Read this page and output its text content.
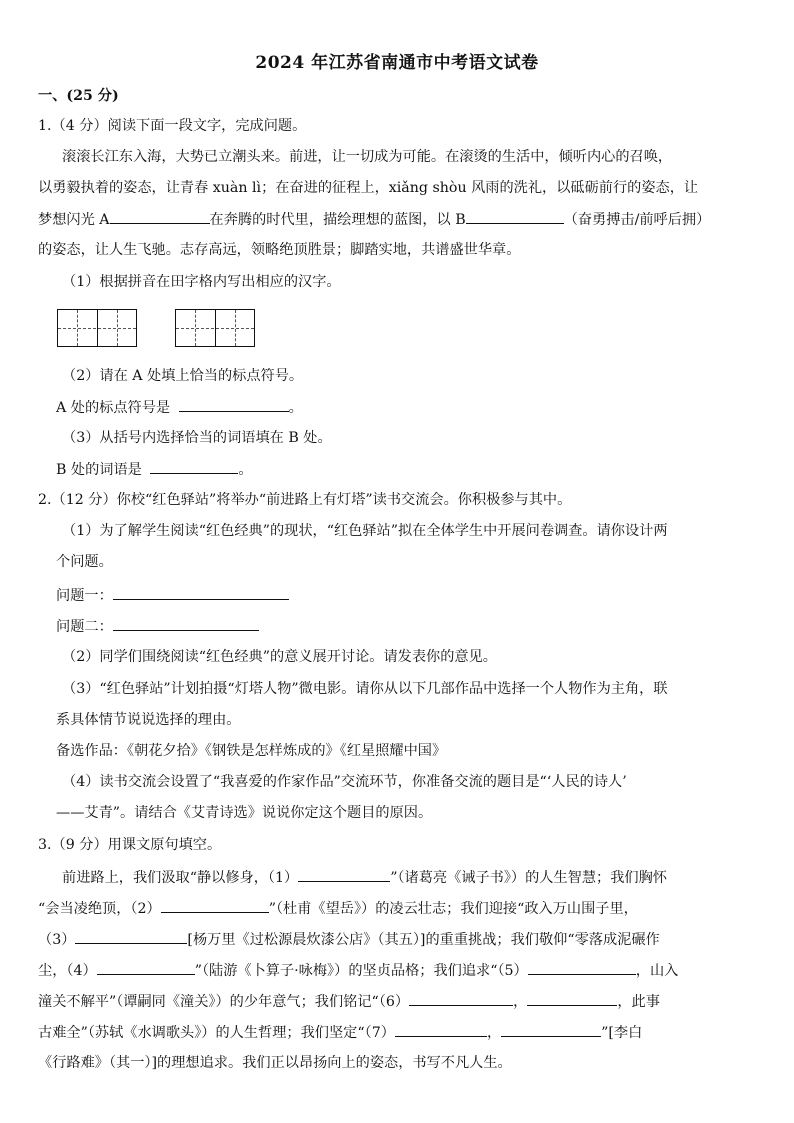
2024 年江苏省南通市中考语文试卷
一、(25 分)
1.（4 分）阅读下面一段文字，完成问题。
滚滚长江东入海，大势已立潮头来。前进，让一切成为可能。在滚烫的生活中，倾听内心的召唤，
以勇毅执着的姿态，让青春 xuàn lì；在奋进的征程上，xiǎng shòu 风雨的洗礼，以砥砺前行的姿态，让
梦想闪光 A	在奔腾的时代里，描绘理想的蓝图，以 B	（奋勇搏击/前呼后拥）
的姿态，让人生飞驰。志存高远，领略绝顶胜景；脚踏实地，共谱盛世华章。
（1）根据拼音在田字格内写出相应的汉字。
（2）请在 A 处填上恰当的标点符号。
A 处的标点符号是	。
（3）从括号内选择恰当的词语填在 B 处。
B 处的词语是	。
2.（12 分）你校“红色驿站”将举办“前进路上有灯塔”读书交流会。你积极参与其中。
（1）为了解学生阅读“红色经典”的现状，“红色驿站”拟在全体学生中开展问卷调查。请你设计两
个问题。
问题一：
问题二：
（2）同学们围绕阅读“红色经典”的意义展开讨论。请发表你的意见。
（3）“红色驿站”计划拍摄“灯塔人物”微电影。请你从以下几部作品中选择一个人物作为主角，联
系具体情节说说选择的理由。
备选作品：《朝花夕拾》《钢铁是怎样炼成的》《红星照耀中国》
（4）读书交流会设置了“我喜爱的作家作品”交流环节，你准备交流的题目是“‘人民的诗人’
——艾青”。请结合《艾青诗选》说说你定这个题目的原因。
3.（9 分）用课文原句填空。
前进路上，我们汲取“静以修身，（1）	”（诸葛亮《诫子书》）的人生智慧；我们胸怀
“会当凌绝顶，（2）	”（杜甫《望岳》）的凌云壮志；我们迎接“政入万山围子里，
（3）	[杨万里《过松源晨炊漆公店》（其五）]的重重挑战；我们敬仰“零落成泥碾作
尘，（4）	”（陆游《卜算子·咏梅》）的坚贞品格；我们追求“（5）	，山入
潼关不解平”（谭嗣同《潼关》）的少年意气；我们铭记“（6）	，	，此事
古难全”（苏轼《水调歌头》）的人生哲理；我们坚定“（7）	，	”[李白
《行路难》（其一）]的理想追求。我们正以昂扬向上的姿态，书写不凡人生。
